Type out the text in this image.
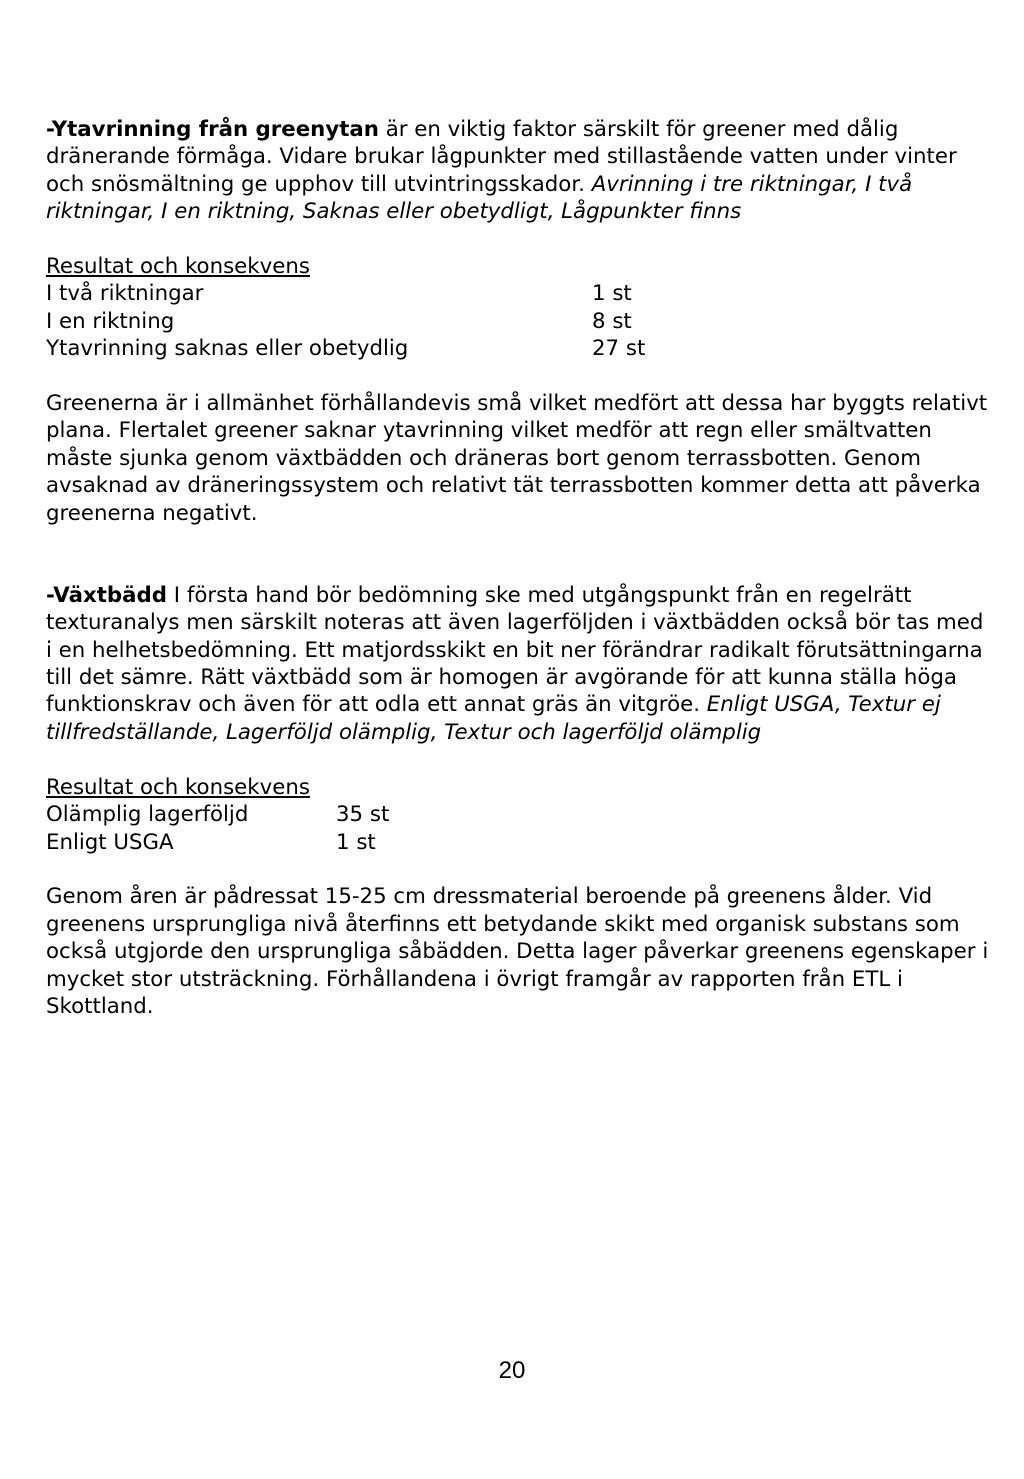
-Ytavrinning från greenytan är en viktig faktor särskilt för greener med dålig dränerande förmåga. Vidare brukar lågpunkter med stillastående vatten under vinter och snösmältning ge upphov till utvintringsskador. Avrinning i tre riktningar, I två riktningar, I en riktning, Saknas eller obetydligt, Lågpunkter finns

Resultat och konsekvens

I två riktningar	1 st
I en riktning	8 st
Ytavrinning saknas eller obetydlig	27 st

Greenerna är i allmänhet förhållandevis små vilket medfört att dessa har byggts relativt plana. Flertalet greener saknar ytavrinning vilket medför att regn eller smältvatten måste sjunka genom växtbädden och dräneras bort genom terrassbotten. Genom avsaknad av dräneringssystem och relativt tät terrassbotten kommer detta att påverka greenerna negativt.

-Växtbädd I första hand bör bedömning ske med utgångspunkt från en regelrätt texturanalys men särskilt noteras att även lagerföljden i växtbädden också bör tas med i en helhetsbedömning. Ett matjordsskikt en bit ner förändrar radikalt förutsättningarna till det sämre. Rätt växtbädd som är homogen är avgörande för att kunna ställa höga funktionskrav och även för att odla ett annat gräs än vitgröe. Enligt USGA, Textur ej tillfredställande, Lagerföljd olämplig, Textur och lagerföljd olämplig

Resultat och konsekvens

Olämplig lagerföljd	35 st
Enligt USGA	1 st

Genom åren är pådressat 15-25 cm dressmaterial beroende på greenens ålder. Vid greenens ursprungliga nivå återfinns ett betydande skikt med organisk substans som också utgjorde den ursprungliga såbädden. Detta lager påverkar greenens egenskaper i mycket stor utsträckning. Förhållandena i övrigt framgår av rapporten från ETL i Skottland.

20
